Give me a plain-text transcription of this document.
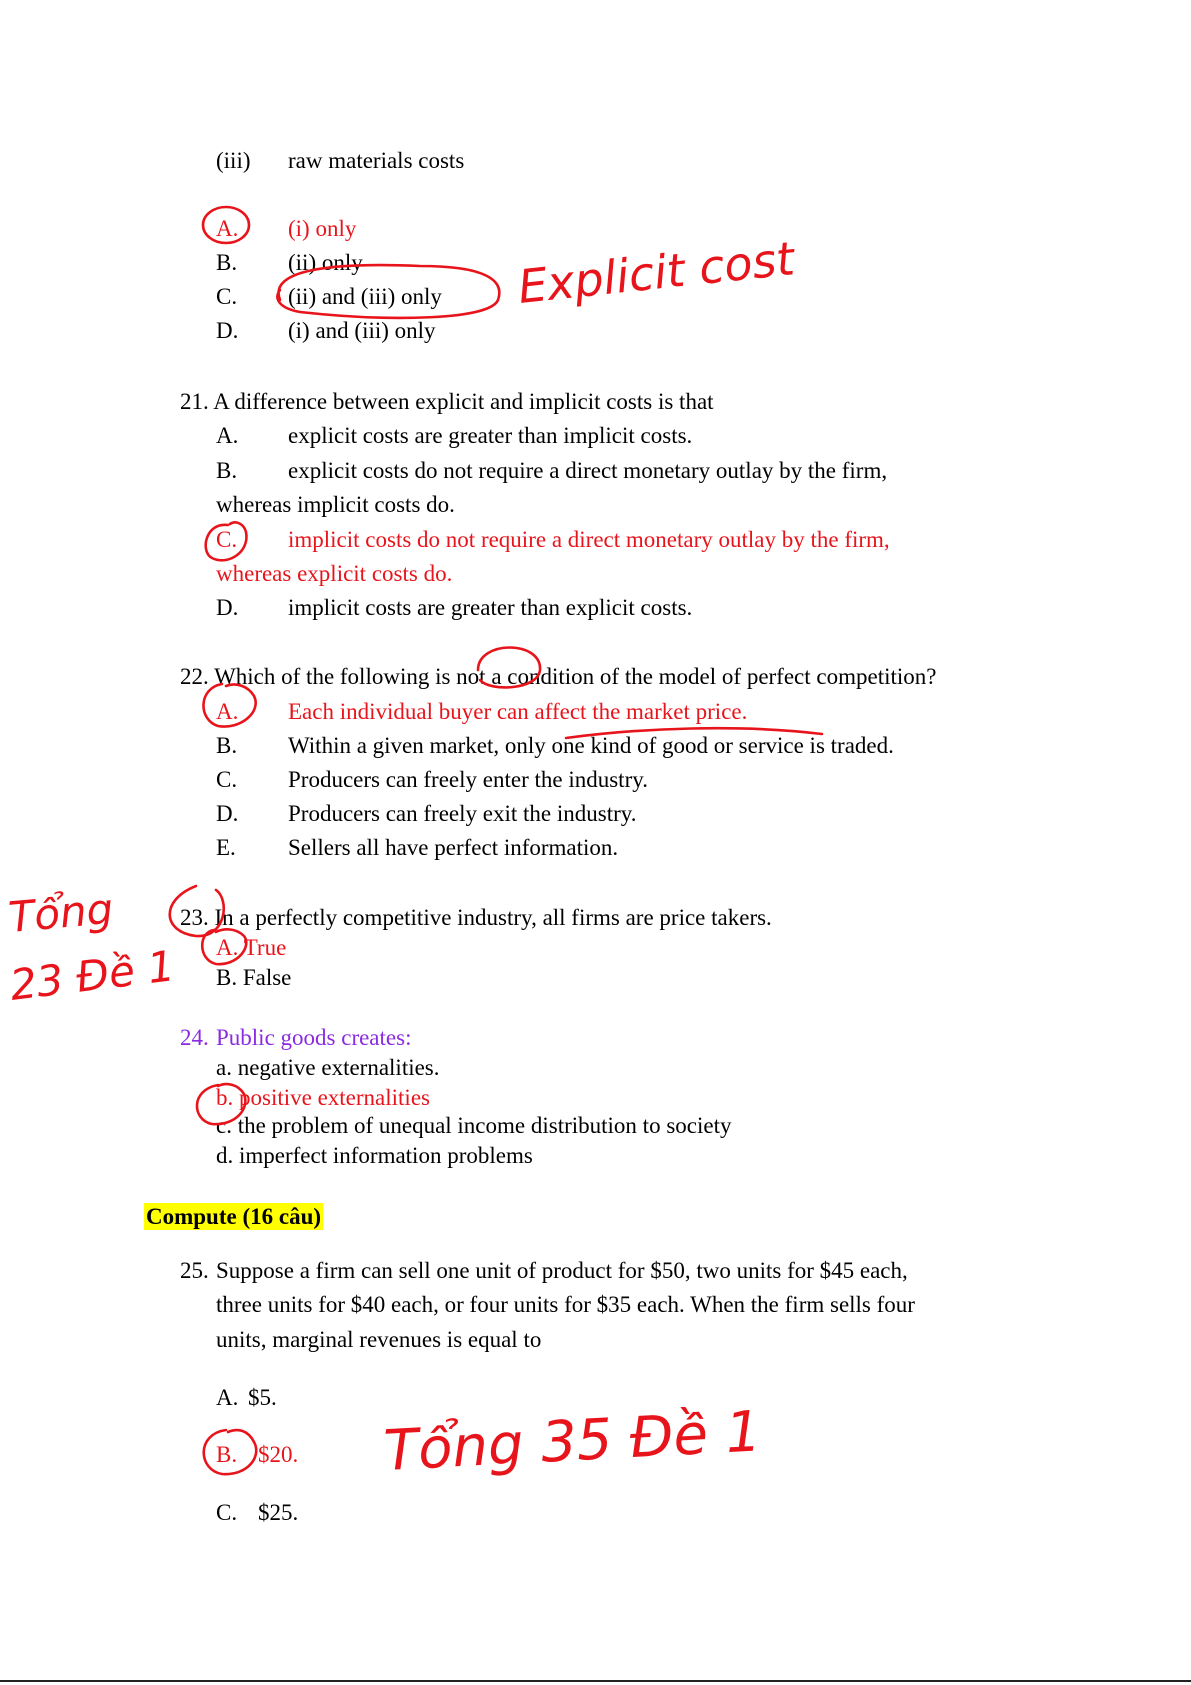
(iii) raw materials costs
A. (i) only
B. (ii) only
C. (ii) and (iii) only
D. (i) and (iii) only
21. A difference between explicit and implicit costs is that
A. explicit costs are greater than implicit costs.
B. explicit costs do not require a direct monetary outlay by the firm,
whereas implicit costs do.
C. implicit costs do not require a direct monetary outlay by the firm,
whereas explicit costs do.
D. implicit costs are greater than explicit costs.
22. Which of the following is not a condition of the model of perfect competition?
A. Each individual buyer can affect the market price.
B. Within a given market, only one kind of good or service is traded.
C. Producers can freely enter the industry.
D. Producers can freely exit the industry.
E. Sellers all have perfect information.
23. In a perfectly competitive industry, all firms are price takers.
A. True
B. False
24. Public goods creates:
a. negative externalities.
b. positive externalities
c. the problem of unequal income distribution to society
d. imperfect information problems
Compute (16 câu)
25. Suppose a firm can sell one unit of product for $50, two units for $45 each,
three units for $40 each, or four units for $35 each. When the firm sells four
units, marginal revenues is equal to
A. $5.
B. $20.
C. $25.
Explicit cost
Tổng
23 Đề 1
Tổng 35 Đề 1
